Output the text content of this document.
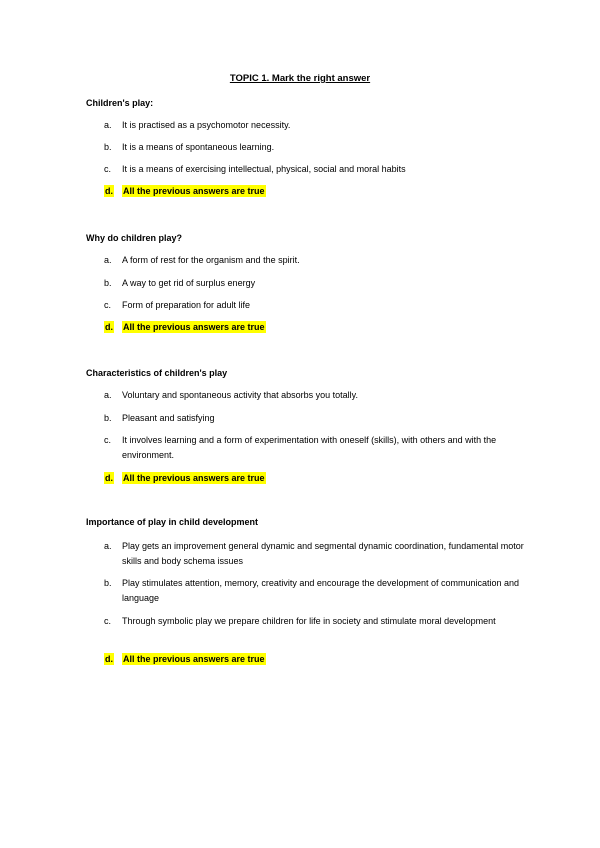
TOPIC 1. Mark the right answer
Children's play:
a.	It is practised as a psychomotor necessity.
b.	It is a means of spontaneous learning.
c.	It is a means of exercising intellectual, physical, social and moral habits
d.	All the previous answers are true
Why do children play?
a.	A form of rest for the organism and the spirit.
b.	A way to get rid of surplus energy
c.	Form of preparation for adult life
d.	All the previous answers are true
Characteristics of children's play
a.	Voluntary and spontaneous activity that absorbs you totally.
b.	Pleasant and satisfying
c.	It involves learning and a form of experimentation with oneself (skills), with others and with the environment.
d.	All the previous answers are true
Importance of play in child development
a.	Play gets an improvement general dynamic and segmental dynamic coordination, fundamental motor skills and body schema issues
b.	Play stimulates attention, memory, creativity and encourage the development of communication and language
c.	Through symbolic play we prepare children for life in society and stimulate moral development
d.	All the previous answers are true
